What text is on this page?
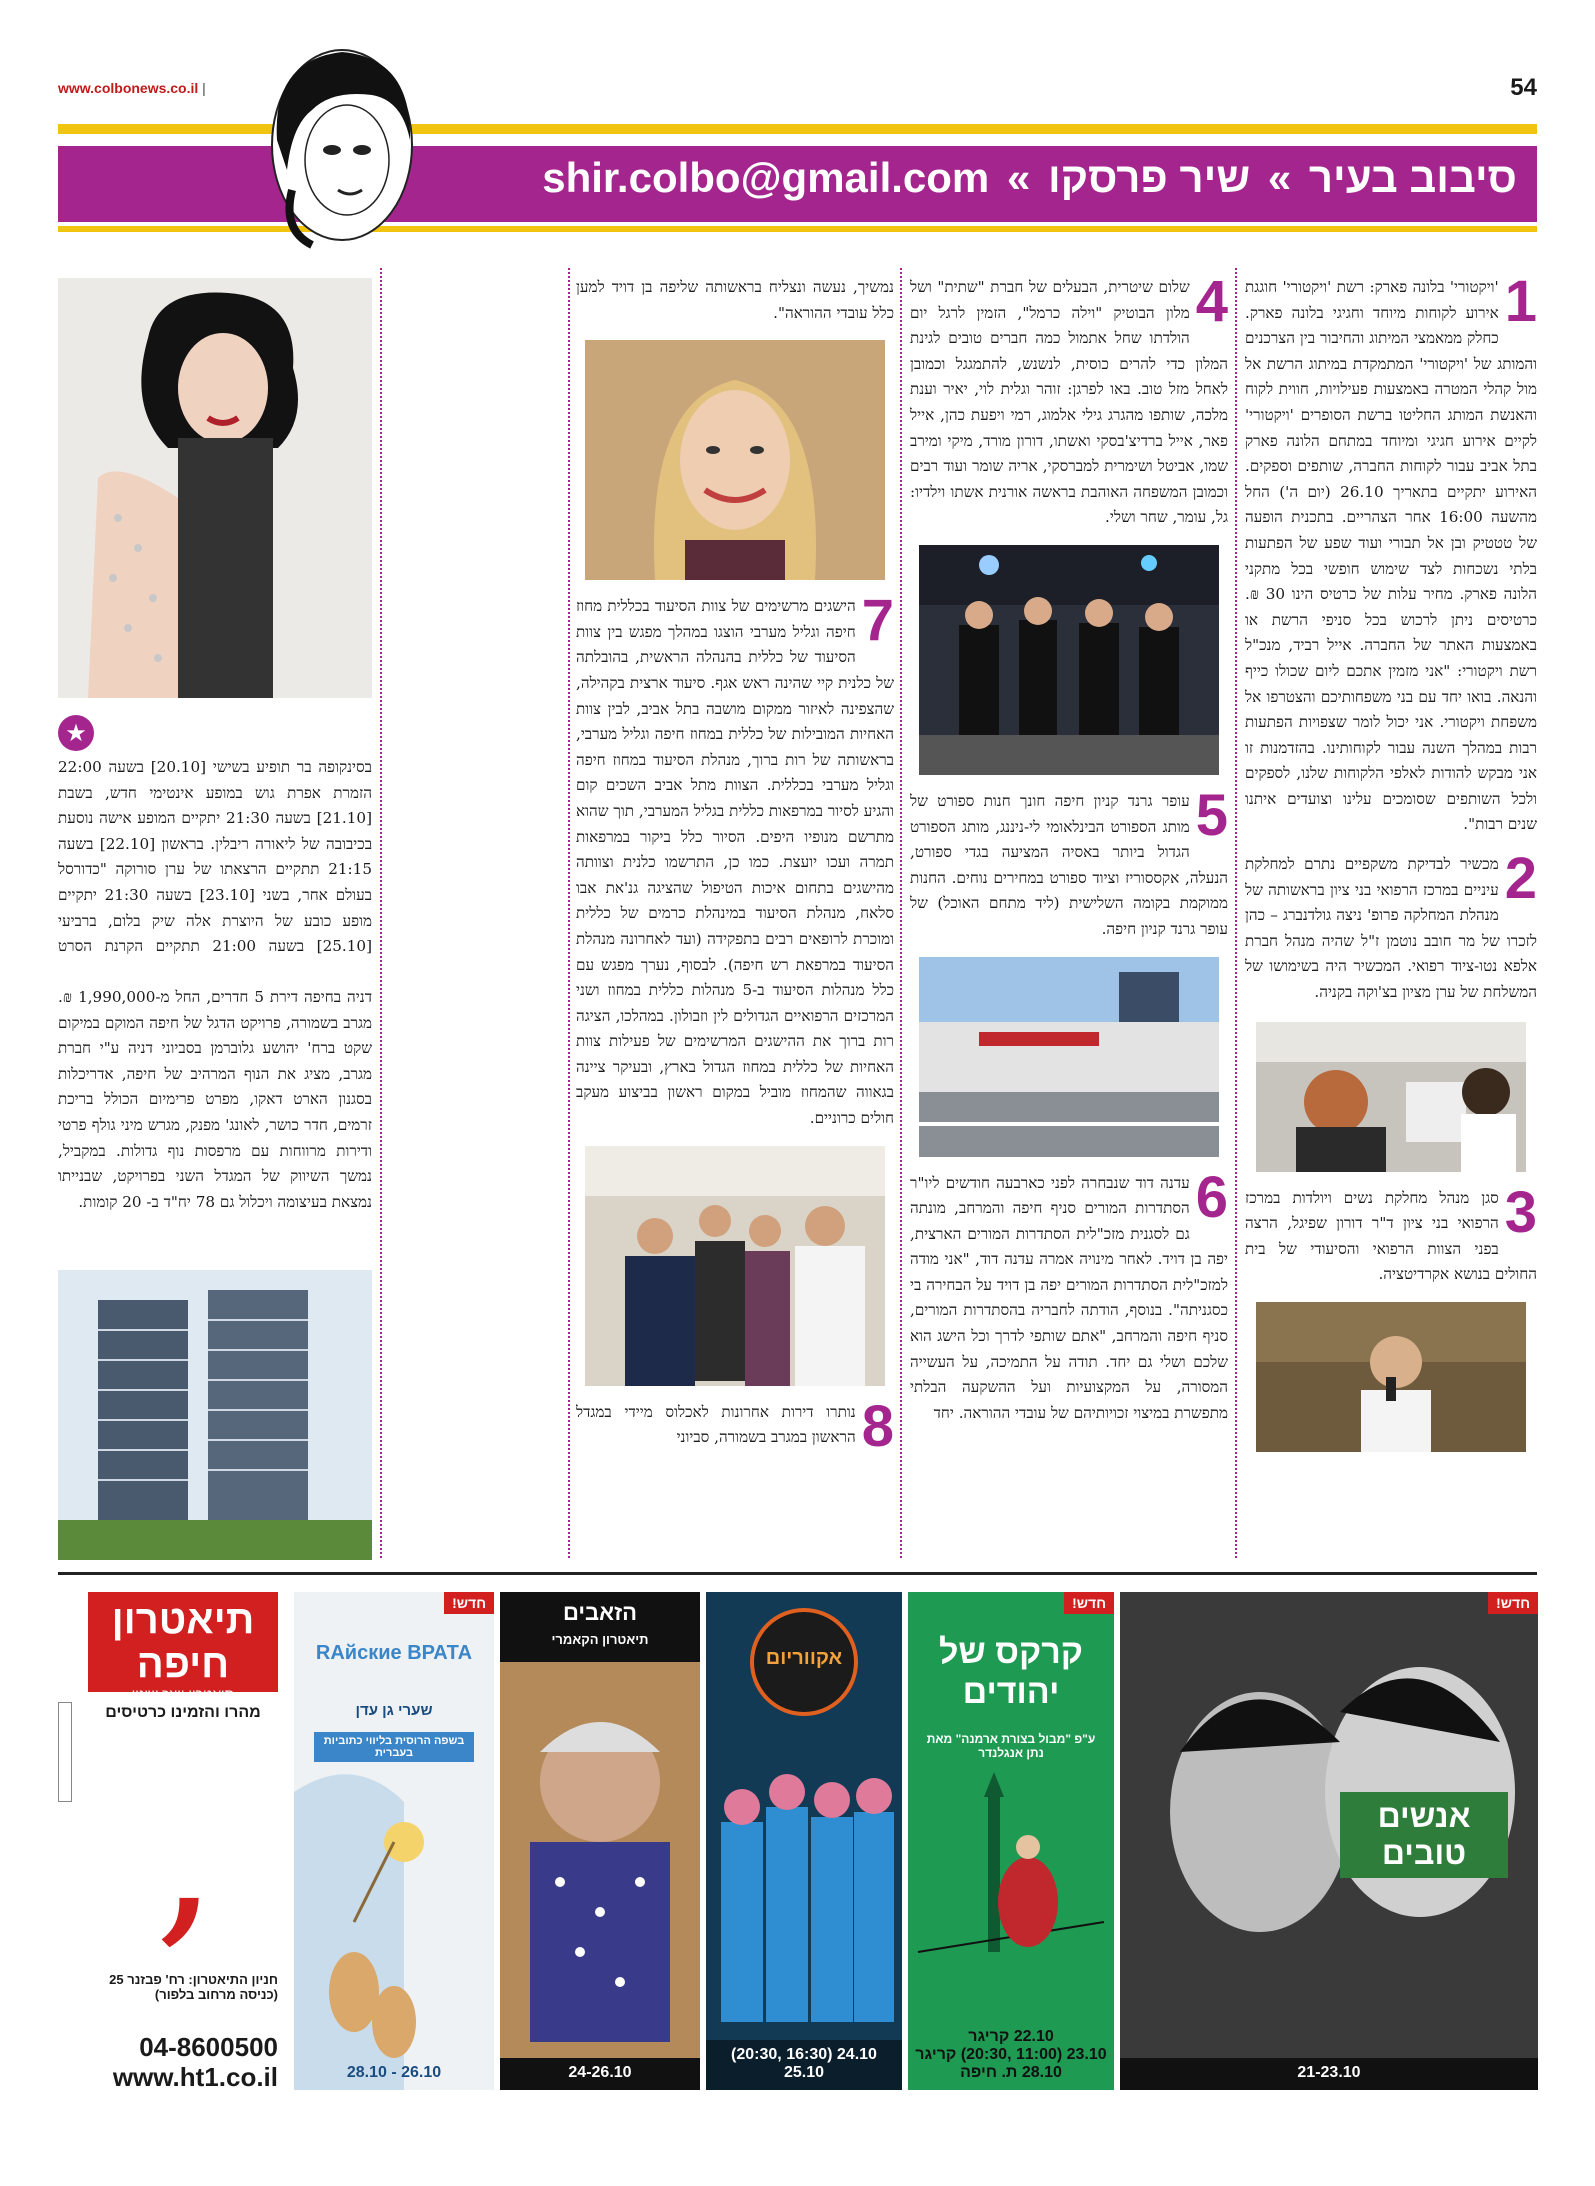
www.colbonews.co.il |	54
סיבוב בעיר » שיר פרסקו » shir.colbo@gmail.com
1
'ויקטורי' בלונה פארק: רשת 'ויקטורי' חוגגת אירוע לקוחות מיוחד וחגיגי בלונה פארק. כחלק ממאמצי המיתוג והחיבור בין הצרכנים והמותג של 'ויקטורי' המתמקדת במיתוג הרשת אל מול קהלי המטרה באמצעות פעילויות, חווית לקוח והאנשת המותג החליטו ברשת הסופרים 'ויקטורי' לקיים אירוע חגיגי ומיוחד במתחם הלונה פארק בתל אביב עבור לקוחות החברה, שותפים וספקים. האירוע יתקיים בתאריך 26.10 (יום ה') החל מהשעה 16:00 אחר הצהריים. בתכנית הופעה של טטטיק ובן אל תבורי ועוד שפע של הפתעות בלתי נשכחות לצד שימוש חופשי בכל מתקני הלונה פארק. מחיר עלות של כרטיס הינו 30 ₪. כרטיסים ניתן לרכוש בכל סניפי הרשת או באמצעות האתר של החברה. אייל רביד, מנכ"ל רשת ויקטורי: "אני מזמין אתכם ליום שכולו כייף והנאה. בואו יחד עם בני משפחותיכם והצטרפו אל משפחת ויקטורי. אני יכול לומר שצפויות הפתעות רבות במהלך השנה עבור לקוחותינו. בהזדמנות זו אני מבקש להודות לאלפי הלקוחות שלנו, לספקים ולכל השותפים שסומכים עלינו וצועדים איתנו שנים רבות".
2
מכשיר לבדיקת משקפיים נתרם למחלקת עיניים במרכז הרפואי בני ציון בראשותה של מנהלת המחלקה פרופ' ניצה גולדנברג – כהן לזכרו של מר חובב נוטמן ז"ל שהיה מנהל חברת אלפא נטו-ציוד רפואי. המכשיר היה בשימושו של המשלחת של ערן מציון בצ'וקה בקניה.
3
סגן מנהל מחלקת נשים ויולדות במרכז הרפואי בני ציון ד"ר דורון שפיגל, הרצה בפני הצוות הרפואי והסיעודי של בית החולים בנושא אקרדיטציה.
4
שלום שיטרית, הבעלים של חברת "שתית" ושל מלון הבוטיק "וילה כרמל", הזמין לרגל יום הולדתו שחל אתמול כמה חברים טובים לגינת המלון כדי להרים כוסית, לנשנש, להתמגגל וכמובן לאחל מזל טוב. באו לפרגן: זוהר וגלית לוי, יאיר וענת מלכה, שותפו מהגרג גילי אלמוג, רמי ויפעת כהן, אייל פאר, אייל ברדיצ'בסקי ואשתו, דורון מורד, מיקי ומירב שמו, אביטל ושימרית למברסקי, אריה שומר ועוד רבים וכמובן המשפחה האוהבת בראשה אורנית אשתו וילדיו: גל, עומר, שחר ושלי.
5
עופר גרנד קניון חיפה חונך חנות ספורט של מותג הספורט הבינלאומי לי-ניננג, מותג הספורט הגדול ביותר באסיה המציעה בגדי ספורט, הנעלה, אקססוריז וציוד ספורט במחירים נוחים. החנות ממוקמת בקומה השלישית (ליד מתחם האוכל) של עופר גרנד קניון חיפה.
6
עדנה דוד שנבחרה לפני כארבעה חודשים ליו"ר הסתדרות המורים סניף חיפה והמרחב, מונתה גם לסגנית מזכ"לית הסתדרות המורים הארצית, יפה בן דויד. לאחר מינויה אמרה עדנה דוד, "אני מודה למזכ"לית הסתדרות המורים יפה בן דויד על הבחירה בי כסגניתה". בנוסף, הודתה לחבריה בהסתדרות המורים, סניף חיפה והמרחב, "אתם שותפי לדרך וכל הישג הוא שלכם ושלי גם יחד. תודה על התמיכה, על העשייה המסורה, על המקצועיות ועל ההשקעה הבלתי מתפשרת במיצוי זכויותיהם של עובדי ההוראה. יחד
נמשיך, נעשה ונצליח בראשותה שליפה בן דויד למען כלל עובדי ההוראה".
7
הישגים מרשימים של צוות הסיעוד בכללית מחוז חיפה וגליל מערבי הוצגו במהלך מפגש בין צוות הסיעוד של כללית בהנהלה הראשית, בהובלתה של כלנית קיי שהינה ראש אגף. סיעוד ארצית בקהילה, שהצפינה לאיזור ממקום מושבה בתל אביב, לבין צוות האחיות המובילות של כללית במחוז חיפה וגליל מערבי, בראשותה של רות ברוך, מנהלת הסיעוד במחוז חיפה וגליל מערבי בכללית. הצוות מתל אביב השכים קום והגיע לסיור במרפאות כללית בגליל המערבי, תוך שהוא מתרשם מנופיו היפים. הסיור כלל ביקור במרפאות תמרה ועכו יועצת. כמו כן, התרשמו כלנית וצוותה מהישגים בתחום איכות הטיפול שהציגה גנ'את אבו סלאח, מנהלת הסיעוד במינהלת כרמים של כללית ומוכרת לרופאים רבים בתפקידה (ועד לאחרונה מנהלת הסיעוד במרפאת רש חיפה). לבסוף, נערך מפגש עם כלל מנהלות הסיעוד ב-5 מנהלות כללית במחוז ושני המרכזים הרפואיים הגדולים לין וזבולון. במהלכו, הציגה רות ברוך את ההישגים המרשימים של פעילות צוות האחיות של כללית במחוז הגדול בארץ, ובעיקר ציינה בגאווה שהמחוז מוביל במקום ראשון בביצוע מעקב חולים כרוניים.
8
נותרו דירות אחרונות לאכלוס מיידי במגדל הראשון במגרב בשמורה, סביוני
★
בסינקופה בר תופיע בשישי [20.10] בשעה 22:00 הזמרת אפרת גוש במופע אינטימי חדש, בשבת [21.10] בשעה 21:30 יתקיים המופע אישה נוסעת בכיבובה של ליאורה ריבלין. בראשון [22.10] בשעה 21:15 תתקיים הרצאתו של ערן סורוקה "כדורסל בעולם אחר, בשני [23.10] בשעה 21:30 יתקיים מופע כובע של היוצרת אלה שיק בלום, ברביעי [25.10] בשעה 21:00 תתקיים הקרנת הסרט
דניה בחיפה דירת 5 חדרים, החל מ-1,990,000 ₪. מגרב בשמורה, פרויקט הדגל של חיפה המוקם במיקום שקט ברח' יהושע גלוברמן בסביוני דניה ע"י חברת מגרב, מציג את הנוף המרהיב של חיפה, אדריכלות בסגנון הארט דאקו, מפרט פרימיום הכולל בריכת זרמים, חדר כושר, לאונג' מפנק, מגרש מיני גולף פרטי ודירות מרווחות עם מרפסות נוף גדולות. במקביל, נמשך השיווק של המגדל השני בפרויקט, שבנייתו נמצאת בעיצומה ויכלול גם 78 יח"ד ב- 20 קומות.
חדש!
אנשים טובים
21-23.10
חדש!
קרקס של יהודים
ע"פ "מבול בצורת ארמנה" מאת נתן אנגלנדר
22.10 קריגר
23.10 (11:00 ,20:30) קריגר
28.10 ת. חיפה
אקווריום
24.10 (16:30 ,20:30)
25.10
הזאבים
תיאטרון הקאמרי
24-26.10
חדש!
RAйские ВРАТА
שערי גן עדן
בשפה הרוסית בליווי כתוביות בעברית
26.10 - 28.10
תיאטרון חיפה
תיאטרון יוצר שינוי
מהרו והזמינו כרטיסים
,
חניון התיאטרון: רח' פבזנר 25 (כניסה מרחוב בלפור)
04-8600500
www.ht1.co.il
